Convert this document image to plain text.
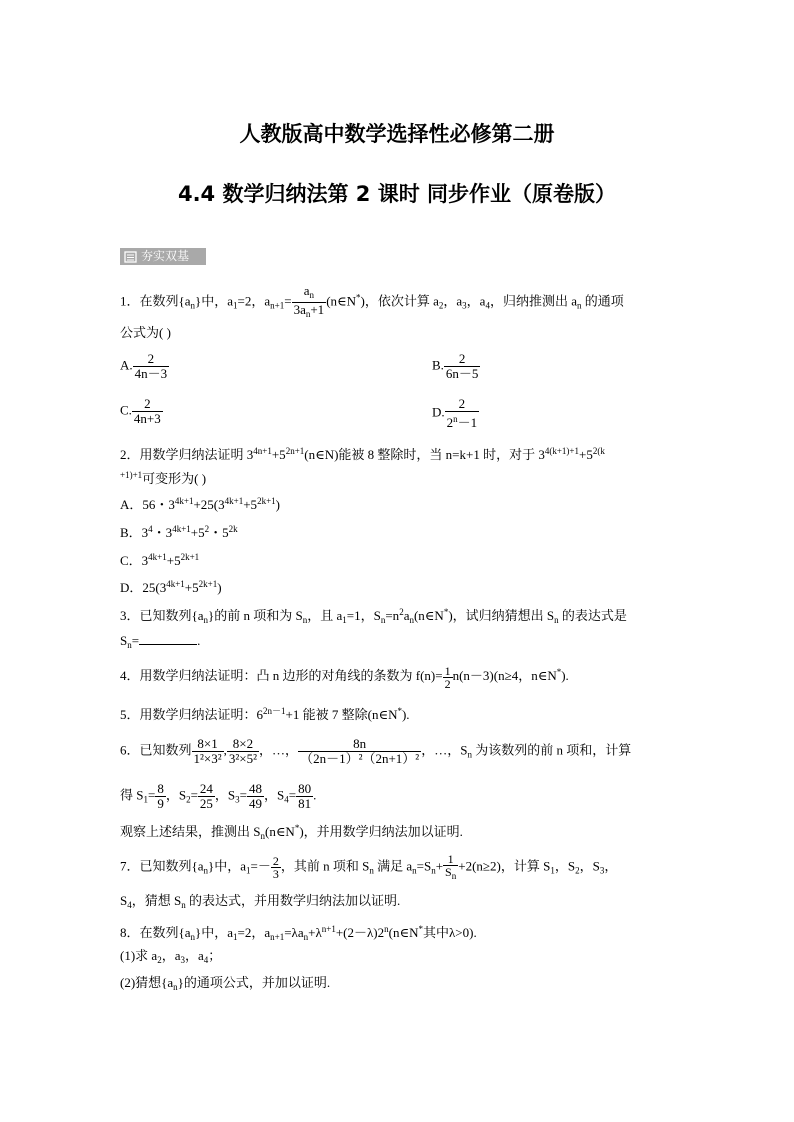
人教版高中数学选择性必修第二册
4.4 数学归纳法第 2 课时 同步作业（原卷版）
夯实双基
1．在数列$\{a_n\}$中，$a_1=2$，$a_{n+1}= \frac{a_n}{3a_n+1}$ (n∈N*)，依次计算 $a_2$，$a_3$，$a_4$，归纳推测出 $a_n$ 的通项
公式为( )
A. $\frac{2}{4n-3}$	B. $\frac{2}{6n-5}$
C. $\frac{2}{4n+3}$	D. $\frac{2}{2^n-1}$
2．用数学归纳法证明 $3^{4n+1}+5^{2n+1}(n\in N)$能被 8 整除时，当 n=k+1 时，对于 $3^{4(k+1)+1}+5^{2(k}$
$^{+1)+1}$可变形为( )
A．56・$3^{4k+1}+25(3^{4k+1}+5^{2k+1})$
B．$3^4$・$3^{4k+1}+5^2$・$5^{2k}$
C．$3^{4k+1}+5^{2k+1}$
D．$25(3^{4k+1}+5^{2k+1})$
3．已知数列$\{a_n\}$的前 n 项和为 $S_n$，且 $a_1=1$，$S_n=n^2a_n(n\in N^*)$，试归纳猜想出 $S_n$ 的表达式是
$S_n=$	.
4．用数学归纳法证明：凸 n 边形的对角线的条数为 $f(n)= \frac{1}{2} n(n-3)(n\ge 4$，n∈N*).
5．用数学归纳法证明：$6^{2n-1}+1$ 能被 7 整除(n∈N*).
6．已知数列 $\frac{8\times 1}{\text{1²×3²}}$ , $\frac{8\times 2}{\text{3²×5²}}$ ，…， $\frac{8n}{\text{（2n－1）²（2n+1）²}}$ ，…，$S_n$ 为该数列的前 n 项和，计算
得 $S_1= \frac{8}{9}$ ，$S_2= \frac{24}{25}$ ，$S_3= \frac{48}{49}$ ，$S_4= \frac{80}{81}$ .
观察上述结果，推测出 $S_n(n\in N^*)$，并用数学归纳法加以证明.
7．已知数列$\{a_n\}$中，$a_1=- \frac{2}{3}$ ，其前 n 项和 $S_n$ 满足 $a_n=S_n+ \frac{1}{S_n} +2(n\ge 2)$，计算 $S_1$，$S_2$，$S_3$，
$S_4$，猜想 $S_n$ 的表达式，并用数学归纳法加以证明.
8．在数列$\{a_n\}$中，$a_1=2$，$a_{n+1}=\lambda a_n+\lambda^{n+1}+(2-\lambda)2^n(n\in N^*$其中λ>0).
(1)求 $a_2$，$a_3$，$a_4$；
(2)猜想$\{a_n\}$的通项公式，并加以证明.
